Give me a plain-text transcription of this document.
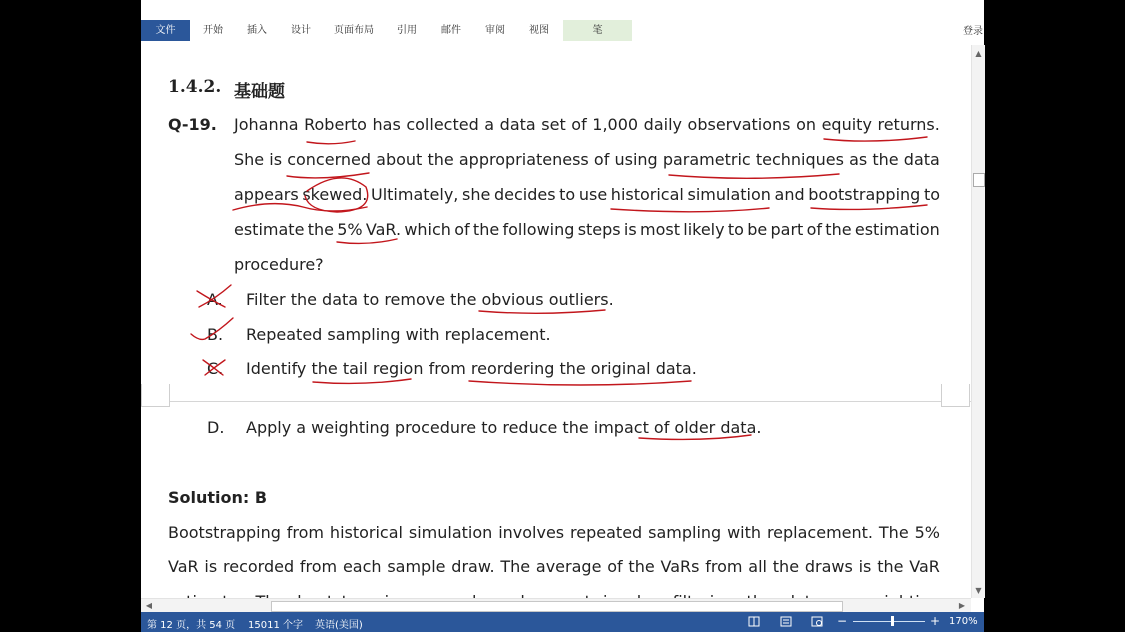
文件	开始	插入	设计	页面布局	引用	邮件	审阅	视图	笔	登录
1.4.2. 基础题
Q-19. Johanna Roberto has collected a data set of 1,000 daily observations on equity returns.
She is concerned about the appropriateness of using parametric techniques as the data
appears skewed. Ultimately, she decides to use historical simulation and bootstrapping to
estimate the 5% VaR. which of the following steps is most likely to be part of the estimation
procedure?
A. Filter the data to remove the obvious outliers.
B. Repeated sampling with replacement.
C. Identify the tail region from reordering the original data.
D. Apply a weighting procedure to reduce the impact of older data.
Solution: B
Bootstrapping from historical simulation involves repeated sampling with replacement. The 5%
VaR is recorded from each sample draw. The average of the VaRs from all the draws is the VaR
▲
▼
◀	▶
第 12 页，共 54 页 15011 个字 英语(美国)	−	+ 170%
